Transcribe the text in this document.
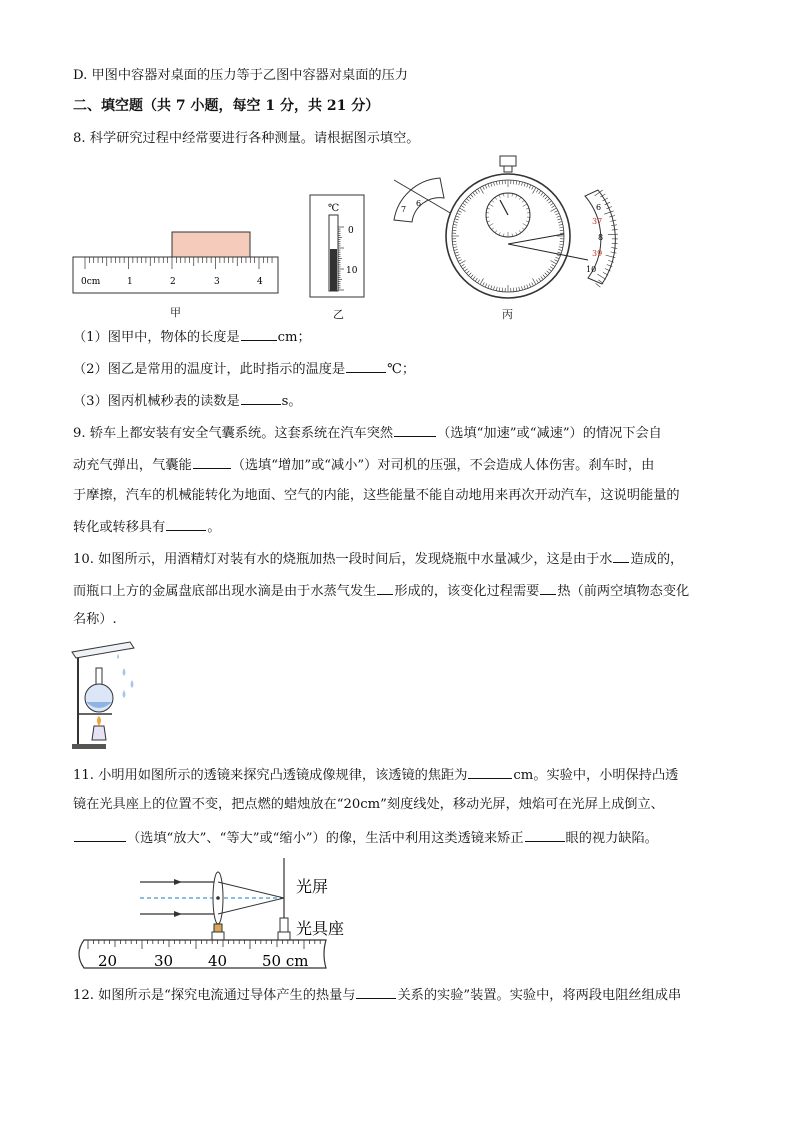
D. 甲图中容器对桌面的压力等于乙图中容器对桌面的压力
二、填空题（共 7 小题，每空 1 分，共 21 分）
8. 科学研究过程中经常要进行各种测量。请根据图示填空。
0cm	1	2	3	4
甲
℃
0
10
乙
7
6	6
37
8
39
10
丙
（1）图甲中，物体的长度是	cm；
（2）图乙是常用的温度计，此时指示的温度是	℃；
（3）图丙机械秒表的读数是	s。
9. 轿车上都安装有安全气囊系统。这套系统在汽车突然	（选填“加速”或“减速”）的情况下会自
动充气弹出，气囊能	（选填“增加”或“减小”）对司机的压强，不会造成人体伤害。刹车时，由
于摩擦，汽车的机械能转化为地面、空气的内能，这些能量不能自动地用来再次开动汽车，这说明能量的
转化或转移具有	。
10. 如图所示，用酒精灯对装有水的烧瓶加热一段时间后，发现烧瓶中水量减少，这是由于水 造成的，
而瓶口上方的金属盘底部出现水滴是由于水蒸气发生 形成的，该变化过程需要 热（前两空填物态变化
名称）.
11. 小明用如图所示的透镜来探究凸透镜成像规律，该透镜的焦距为	cm。实验中，小明保持凸透
镜在光具座上的位置不变，把点燃的蜡烛放在“20cm”刻度线处，移动光屏，烛焰可在光屏上成倒立、
（选填“放大”、“等大”或“缩小”）的像，生活中利用这类透镜来矫正	眼的视力缺陷。
20 30 40 50 cm
光屏
光具座
12. 如图所示是“探究电流通过导体产生的热量与	关系的实验”装置。实验中，将两段电阻丝组成串
